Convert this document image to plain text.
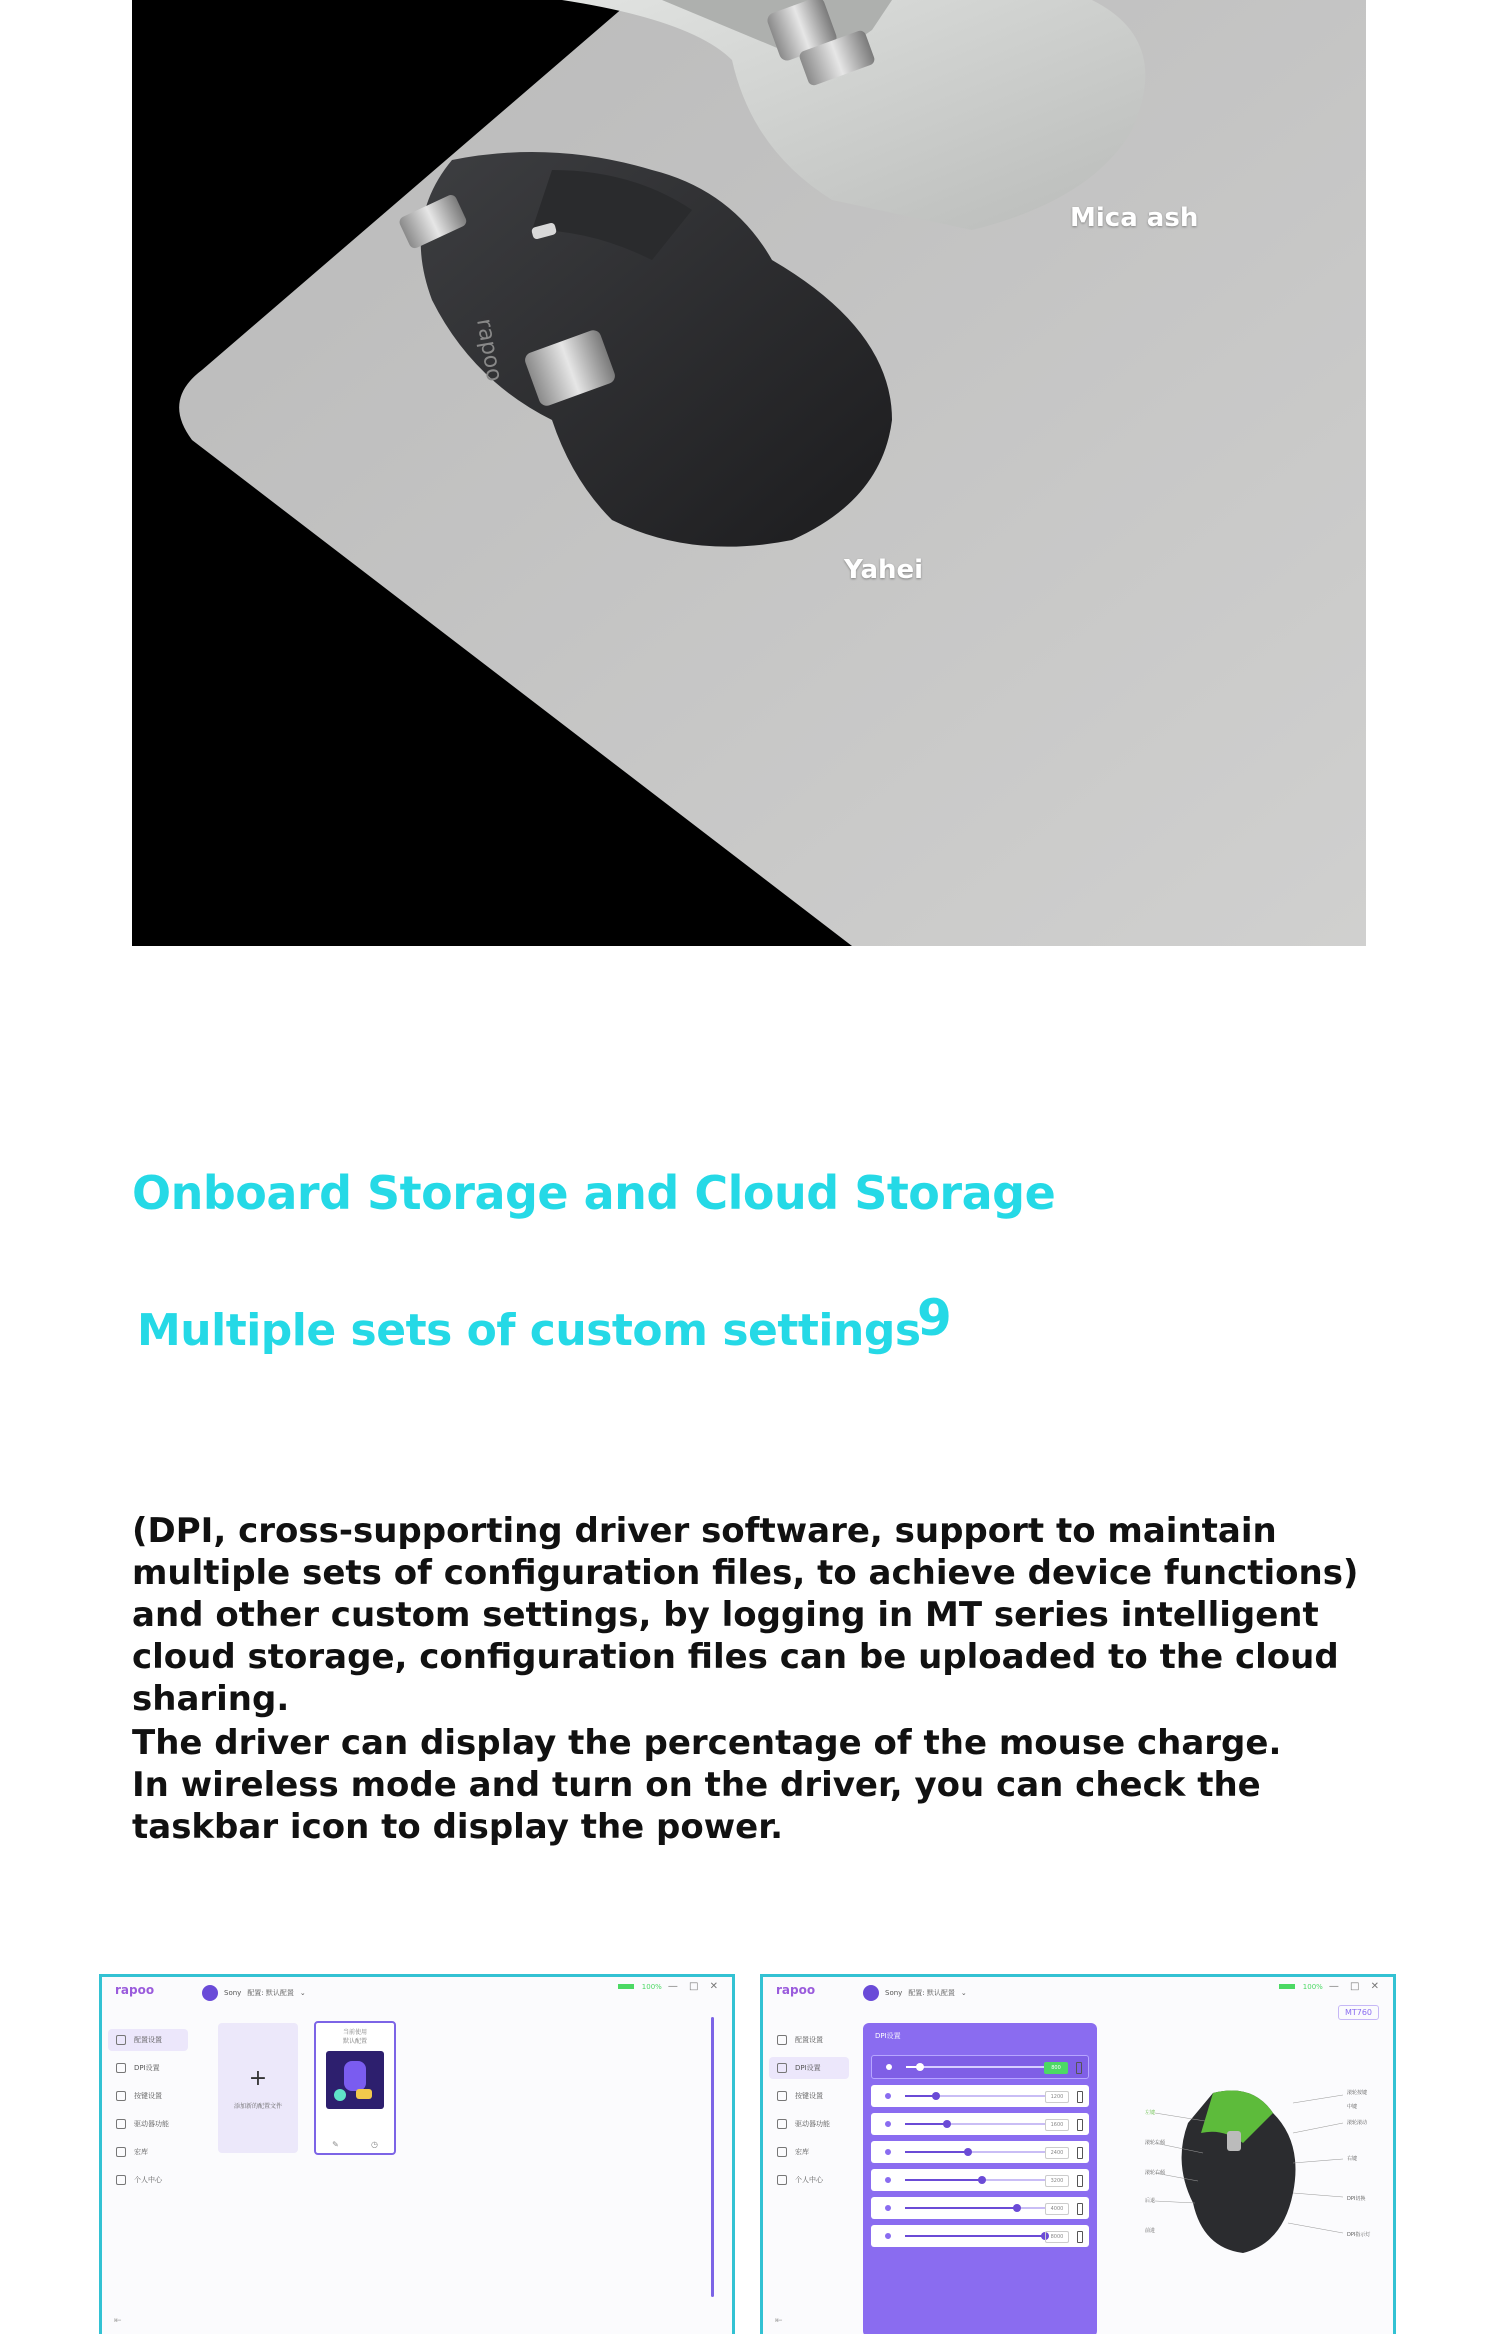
rapoo
Mica ash
Yahei
Onboard Storage and Cloud Storage
Multiple sets of custom settings
9

(DPI, cross-supporting driver software, support to maintain multiple sets of configuration files, to achieve device functions) and other custom settings, by logging in MT series intelligent cloud storage, configuration files can be uploaded to the cloud sharing.

The driver can display the percentage of the mouse charge. In wireless mode and turn on the driver, you can check the taskbar icon to display the power.

rapoo	Sony 配置: 默认配置 ⌄
100% — □ ✕
配置设置
DPI设置
按键设置
驱动器功能
宏库
个人中心
+
添加新的配置文件
当前使用
默认配置
✎	◷
⇤
rapoo	Sony 配置: 默认配置 ⌄
100% — □ ✕
MT760
配置设置
DPI设置
按键设置
驱动器功能
宏库
个人中心
DPI设置
800
1200
1600
2400
3200
4000
8000
左键
滚轮左倾
滚轮右倾
后退
前进
滚轮按键
中键
滚轮滚动
右键
DPI切换
DPI指示灯
⇤
